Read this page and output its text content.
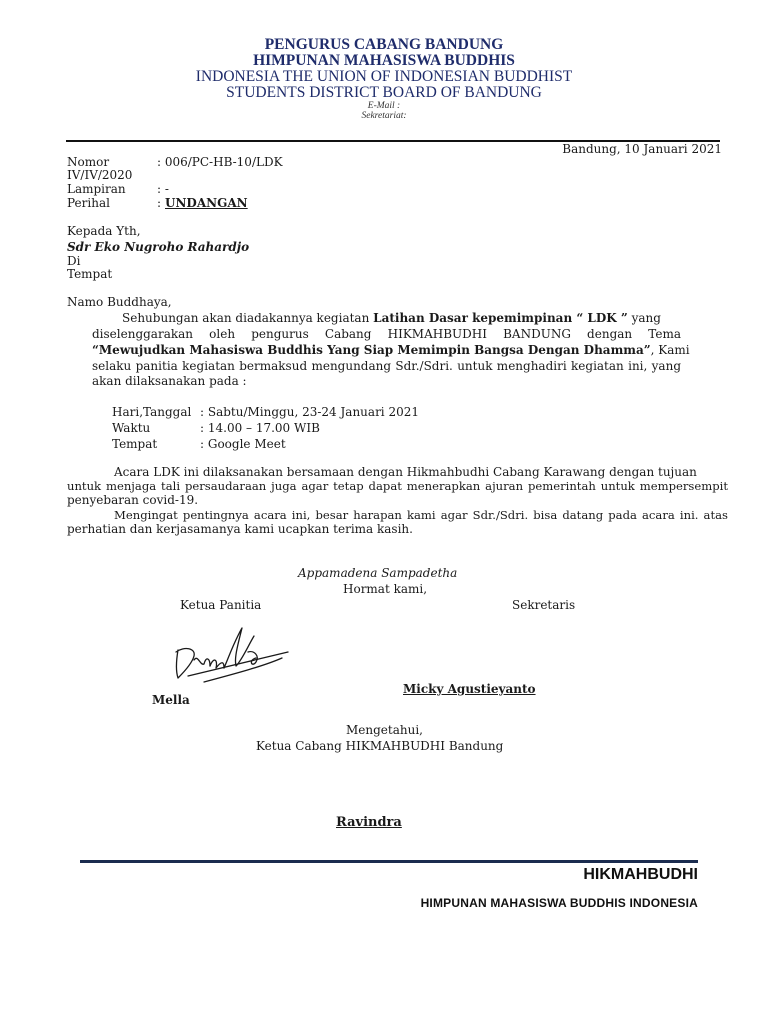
PENGURUS CABANG BANDUNG
HIMPUNAN MAHASISWA BUDDHIS
INDONESIA THE UNION OF INDONESIAN BUDDHIST
STUDENTS DISTRICT BOARD OF BANDUNG
E-Mail :
Sekretariat:
Bandung, 10 Januari 2021
Nomor	: 006/PC-HB-10/LDK
IV/IV/2020
Lampiran	: -
Perihal	: UNDANGAN
Kepada Yth,
Sdr Eko Nugroho Rahardjo
Di
Tempat
Namo Buddhaya,
Sehubungan akan diadakannya kegiatan Latihan Dasar kepemimpinan “ LDK ” yang
diselenggarakan oleh pengurus Cabang HIKMAHBUDHI BANDUNG dengan Tema
“Mewujudkan Mahasiswa Buddhis Yang Siap Memimpin Bangsa Dengan Dhamma”, Kami
selaku panitia kegiatan bermaksud mengundang Sdr./Sdri. untuk menghadiri kegiatan ini, yang
akan dilaksanakan pada :
Hari,Tanggal : Sabtu/Minggu, 23-24 Januari 2021
Waktu	: 14.00 – 17.00 WIB
Tempat	: Google Meet
Acara LDK ini dilaksanakan bersamaan dengan Hikmahbudhi Cabang Karawang dengan tujuan
untuk menjaga tali persaudaraan juga agar tetap dapat menerapkan ajuran pemerintah untuk mempersempit
penyebaran covid-19.
Mengingat pentingnya acara ini, besar harapan kami agar Sdr./Sdri. bisa datang pada acara ini. atas
perhatian dan kerjasamanya kami ucapkan terima kasih.
Appamadena Sampadetha
Hormat kami,
Ketua Panitia	Sekretaris
Micky Agustieyanto
Mella
Mengetahui,
Ketua Cabang HIKMAHBUDHI Bandung
Ravindra
HIKMAHBUDHI
HIMPUNAN MAHASISWA BUDDHIS INDONESIA
